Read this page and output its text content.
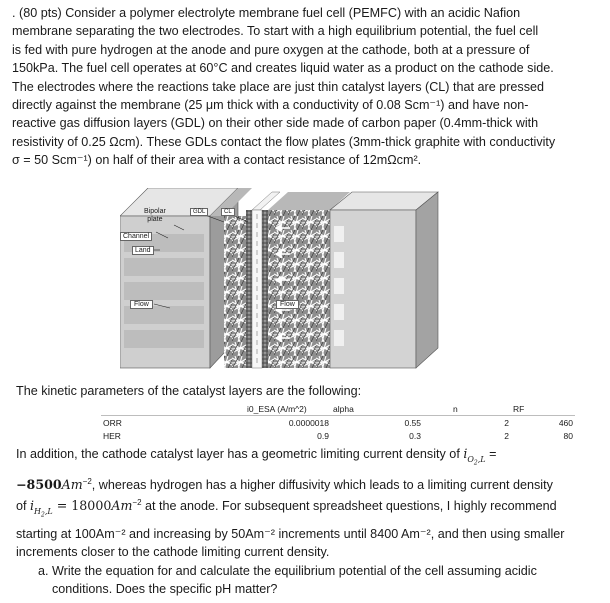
. (80 pts) Consider a polymer electrolyte membrane fuel cell (PEMFC) with an acidic Nafion
membrane separating the two electrodes. To start with a high equilibrium potential, the fuel cell
is fed with pure hydrogen at the anode and pure oxygen at the cathode, both at a pressure of
150kPa. The fuel cell operates at 60°C and creates liquid water as a product on the cathode side.
The electrodes where the reactions take place are just thin catalyst layers (CL) that are pressed
directly against the membrane (25 μm thick with a conductivity of 0.08 Scm⁻¹) and have non-
reactive gas diffusion layers (GDL) on their other side made of carbon paper (0.4mm-thick with
resistivity of 0.25 Ωcm). These GDLs contact the flow plates (3mm-thick graphite with conductivity
σ = 50 Scm⁻¹) on half of their area with a contact resistance of 12mΩcm².
Bipolar
plate
GDL	CL
Channel
Land
Flow	Flow

The kinetic parameters of the catalyst layers are the following:

	i0_ESA (A/m^2)	alpha	n	RF
ORR	0.0000018	0.55	2	460
HER	0.9	0.3	2	80
In addition, the cathode catalyst layer has a geometric limiting current density of $i_{O_2,L}$ =
$-8500Am^{-2}$, whereas hydrogen has a higher diffusivity which leads to a limiting current density
of $i_{H_2,L} = 18000Am^{-2}$ at the anode. For subsequent spreadsheet questions, I highly recommend
starting at 100Am⁻² and increasing by 50Am⁻² increments until 8400 Am⁻², and then using smaller
increments closer to the cathode limiting current density.
a. Write the equation for and calculate the equilibrium potential of the cell assuming acidic conditions. Does the specific pH matter?
